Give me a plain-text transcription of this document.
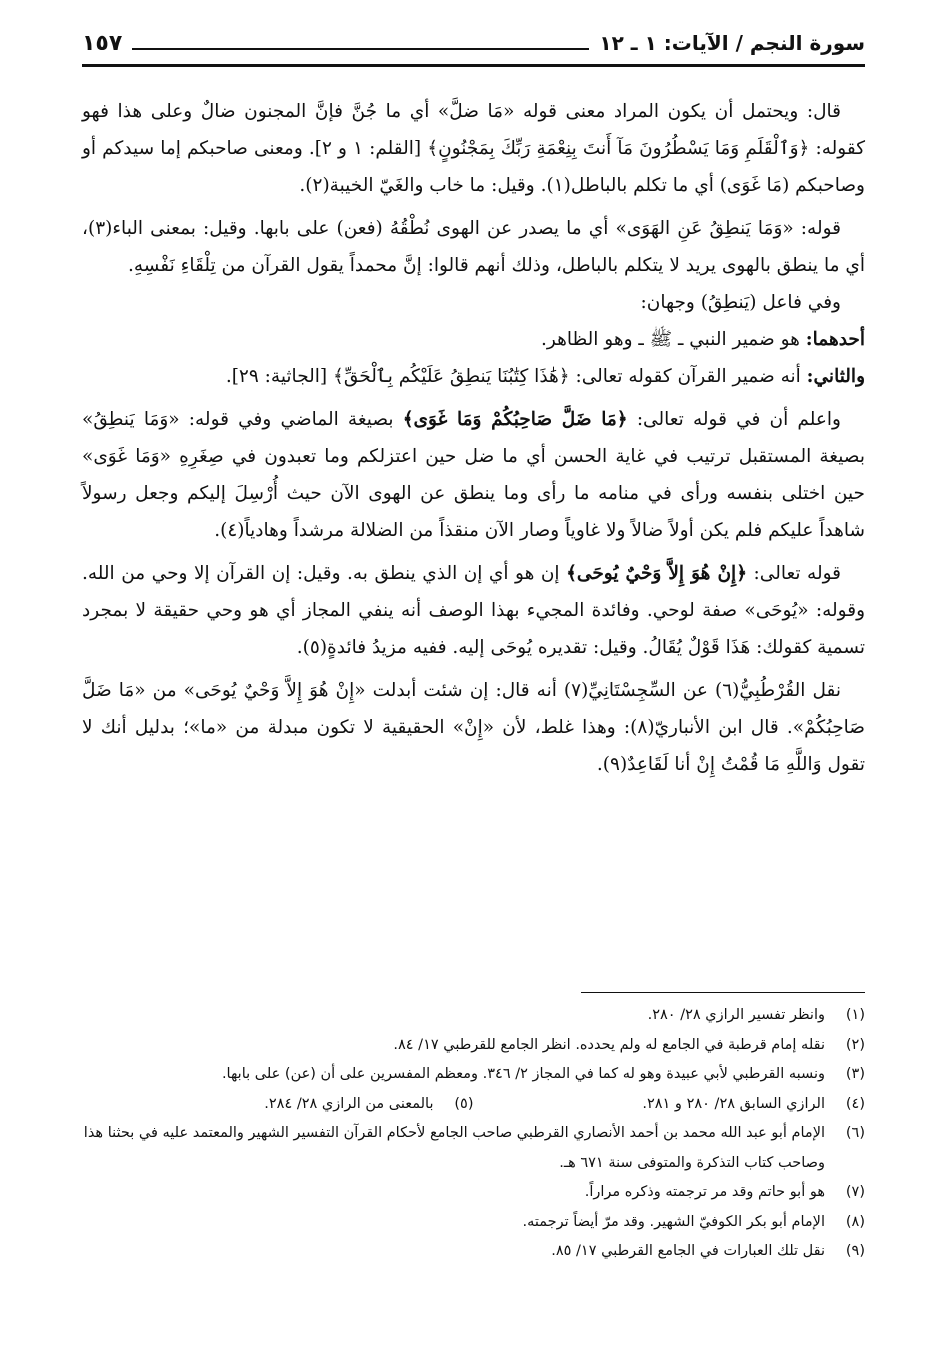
سورة النجم / الآيات: ١ ـ ١٢
١٥٧

قال: ويحتمل أن يكون المراد معنى قوله «مَا ضلَّ» أي ما جُنَّ فإنَّ المجنون ضالٌ وعلى هذا فهو كقوله: ﴿وَٱلْقَلَمِ وَمَا يَسْطُرُونَ مَآ أَنتَ بِنِعْمَةِ رَبِّكَ بِمَجْنُونٍ﴾ [القلم: ١ و ٢]. ومعنى صاحبكم إما سيدكم أو وصاحبكم (مَا غَوَى) أي ما تكلم بالباطل(١). وقيل: ما خاب والغَيّ الخيبة(٢).

قوله: «وَمَا يَنطِقُ عَنِ الهَوَى» أي ما يصدر عن الهوى نُطْقُهُ (فعن) على بابها. وقيل: بمعنى الباء(٣)، أي ما ينطق بالهوى يريد لا يتكلم بالباطل، وذلك أنهم قالوا: إنَّ محمداً يقول القرآن من تِلْقَاءِ نَفْسِهِ.

وفي فاعل (يَنطِقُ) وجهان:

أحدهما: هو ضمير النبي ـ ﷺ ـ وهو الظاهر.

والثاني: أنه ضمير القرآن كقوله تعالى: ﴿هَٰذَا كِتَٰبُنَا يَنطِقُ عَلَيْكُم بِٱلْحَقِّ﴾ [الجاثية: ٢٩].

واعلم أن في قوله تعالى: ﴿مَا ضَلَّ صَاحِبُكُمْ وَمَا غَوَى﴾ بصيغة الماضي وفي قوله: «وَمَا يَنطِقُ» بصيغة المستقبل ترتيب في غاية الحسن أي ما ضل حين اعتزلكم وما تعبدون في صِغَرِهِ «وَمَا غَوَى» حين اختلى بنفسه ورأى في منامه ما رأى وما ينطق عن الهوى الآن حيث أُرْسِلَ إليكم وجعل رسولاً شاهداً عليكم فلم يكن أولاً ضالاً ولا غاوياً وصار الآن منقذاً من الضلالة مرشداً وهادياً(٤).

قوله تعالى: ﴿إِنْ هُوَ إِلاَّ وَحْيٌ يُوحَى﴾ إن هو أي إن الذي ينطق به. وقيل: إن القرآن إلا وحي من الله. وقوله: «يُوحَى» صفة لوحي. وفائدة المجيء بهذا الوصف أنه ينفي المجاز أي هو وحي حقيقة لا بمجرد تسمية كقولك: هَذَا قَوْلٌ يُقَالُ. وقيل: تقديره يُوحَى إليه. ففيه مزيدُ فائدةٍ(٥).

نقل القُرْطُبِيُّ(٦) عن السِّجِسْتَانِيِّ(٧) أنه قال: إن شئت أبدلت «إِنْ هُوَ إِلاَّ وَحْيٌ يُوحَى» من «مَا ضَلَّ صَاحِبُكُمْ». قال ابن الأنباريّ(٨): وهذا غلط، لأن «إِنْ» الحقيقية لا تكون مبدلة من «ما»؛ بدليل أنك لا تقول وَاللَّهِ مَا قُمْتُ إِنْ أنا لَقَاعِدٌ(٩).

(١)
وانظر تفسير الرازي ٢٨/ ٢٨٠.
(٢)
نقله إمام قرطبة في الجامع له ولم يحدده. انظر الجامع للقرطبي ١٧/ ٨٤.
(٣)
ونسبه القرطبي لأبي عبيدة وهو له كما في المجاز ٢/ ٣٤٦. ومعظم المفسرين على أن (عن) على بابها.
(٤)
الرازي السابق ٢٨/ ٢٨٠ و ٢٨١.
(٥)
بالمعنى من الرازي ٢٨/ ٢٨٤.
(٦)
الإمام أبو عبد الله محمد بن أحمد الأنصاري القرطبي صاحب الجامع لأحكام القرآن التفسير الشهير والمعتمد عليه في بحثنا هذا وصاحب كتاب التذكرة والمتوفى سنة ٦٧١ هـ.
(٧)
هو أبو حاتم وقد مر ترجمته وذكره مراراً.
(٨)
الإمام أبو بكر الكوفيّ الشهير. وقد مرّ أيضاً ترجمته.
(٩)
نقل تلك العبارات في الجامع القرطبي ١٧/ ٨٥.
